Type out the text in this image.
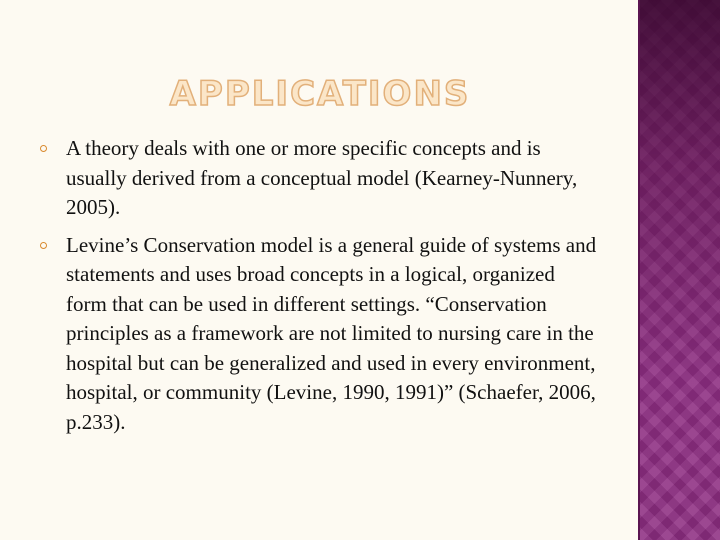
APPLICATIONS
A theory deals with one or more specific concepts and is usually derived from a conceptual model (Kearney-Nunnery, 2005).
Levine’s Conservation model is a general guide of systems and statements and uses broad concepts in a logical, organized form that can be used in different settings. “Conservation principles as a framework are not limited to nursing care in the hospital but can be generalized and used in every environment, hospital, or community (Levine, 1990, 1991)” (Schaefer, 2006, p.233).
